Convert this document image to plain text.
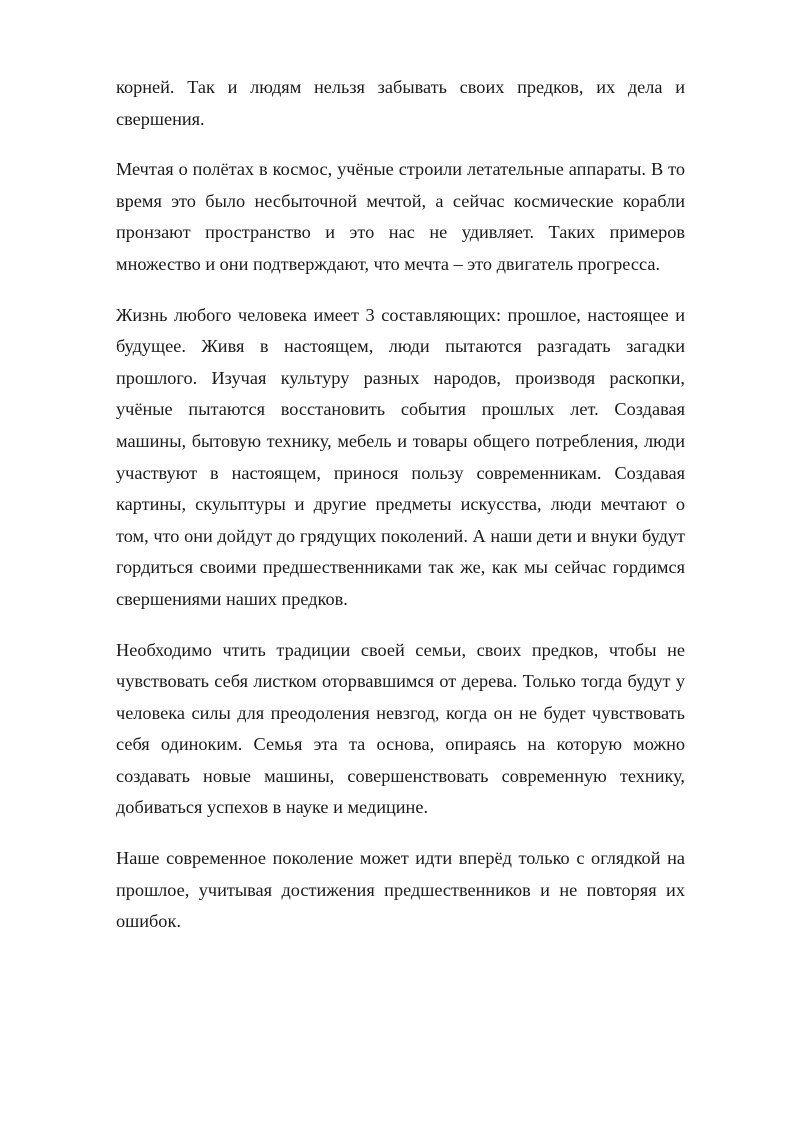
корней. Так и людям нельзя забывать своих предков, их дела и свершения.

Мечтая о полётах в космос, учёные строили летательные аппараты. В то время это было несбыточной мечтой, а сейчас космические корабли пронзают пространство и это нас не удивляет. Таких примеров множество и они подтверждают, что мечта – это двигатель прогресса.

Жизнь любого человека имеет 3 составляющих: прошлое, настоящее и будущее. Живя в настоящем, люди пытаются разгадать загадки прошлого. Изучая культуру разных народов, производя раскопки, учёные пытаются восстановить события прошлых лет. Создавая машины, бытовую технику, мебель и товары общего потребления, люди участвуют в настоящем, принося пользу современникам. Создавая картины, скульптуры и другие предметы искусства, люди мечтают о том, что они дойдут до грядущих поколений. А наши дети и внуки будут гордиться своими предшественниками так же, как мы сейчас гордимся свершениями наших предков.

Необходимо чтить традиции своей семьи, своих предков, чтобы не чувствовать себя листком оторвавшимся от дерева. Только тогда будут у человека силы для преодоления невзгод, когда он не будет чувствовать себя одиноким. Семья эта та основа, опираясь на которую можно создавать новые машины, совершенствовать современную технику, добиваться успехов в науке и медицине.

Наше современное поколение может идти вперёд только с оглядкой на прошлое, учитывая достижения предшественников и не повторяя их ошибок.
